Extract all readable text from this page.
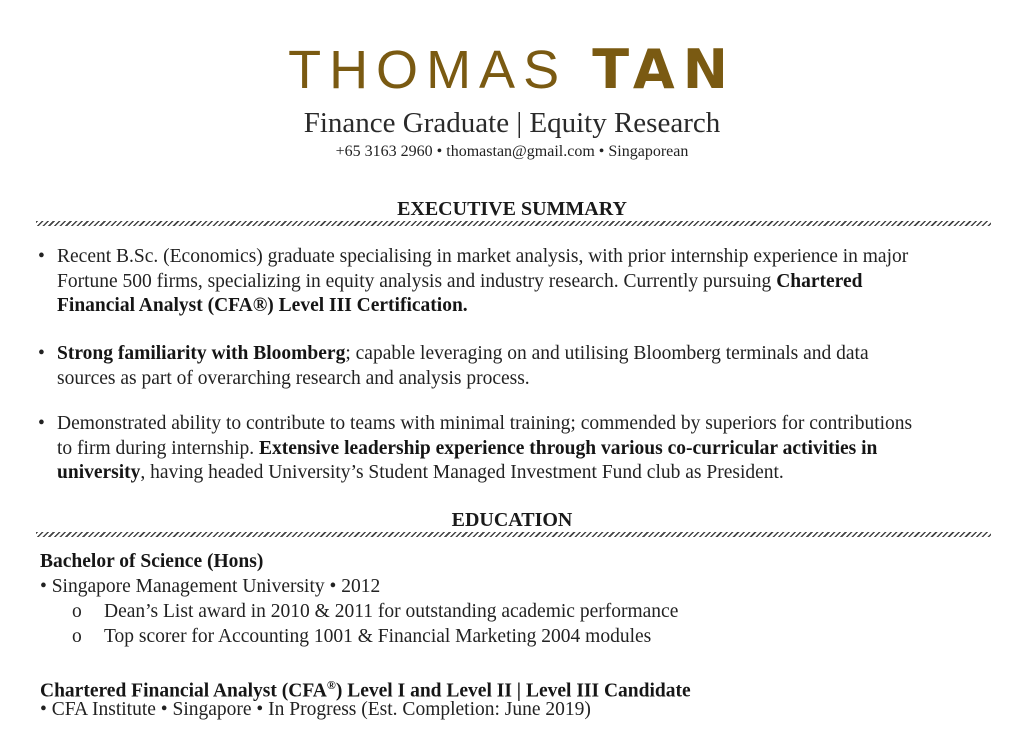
THOMAS TAN
Finance Graduate | Equity Research
+65 3163 2960 • thomastan@gmail.com • Singaporean
EXECUTIVE SUMMARY
• Recent B.Sc. (Economics) graduate specialising in market analysis, with prior internship experience in major
Fortune 500 firms, specializing in equity analysis and industry research. Currently pursuing Chartered
Financial Analyst (CFA®) Level III Certification.
• Strong familiarity with Bloomberg; capable leveraging on and utilising Bloomberg terminals and data
sources as part of overarching research and analysis process.
• Demonstrated ability to contribute to teams with minimal training; commended by superiors for contributions
to firm during internship. Extensive leadership experience through various co-curricular activities in
university, having headed University’s Student Managed Investment Fund club as President.
EDUCATION
Bachelor of Science (Hons)
• Singapore Management University • 2012
o Dean’s List award in 2010 & 2011 for outstanding academic performance
o Top scorer for Accounting 1001 & Financial Marketing 2004 modules
Chartered Financial Analyst (CFA®) Level I and Level II | Level III Candidate
• CFA Institute • Singapore • In Progress (Est. Completion: June 2019)
